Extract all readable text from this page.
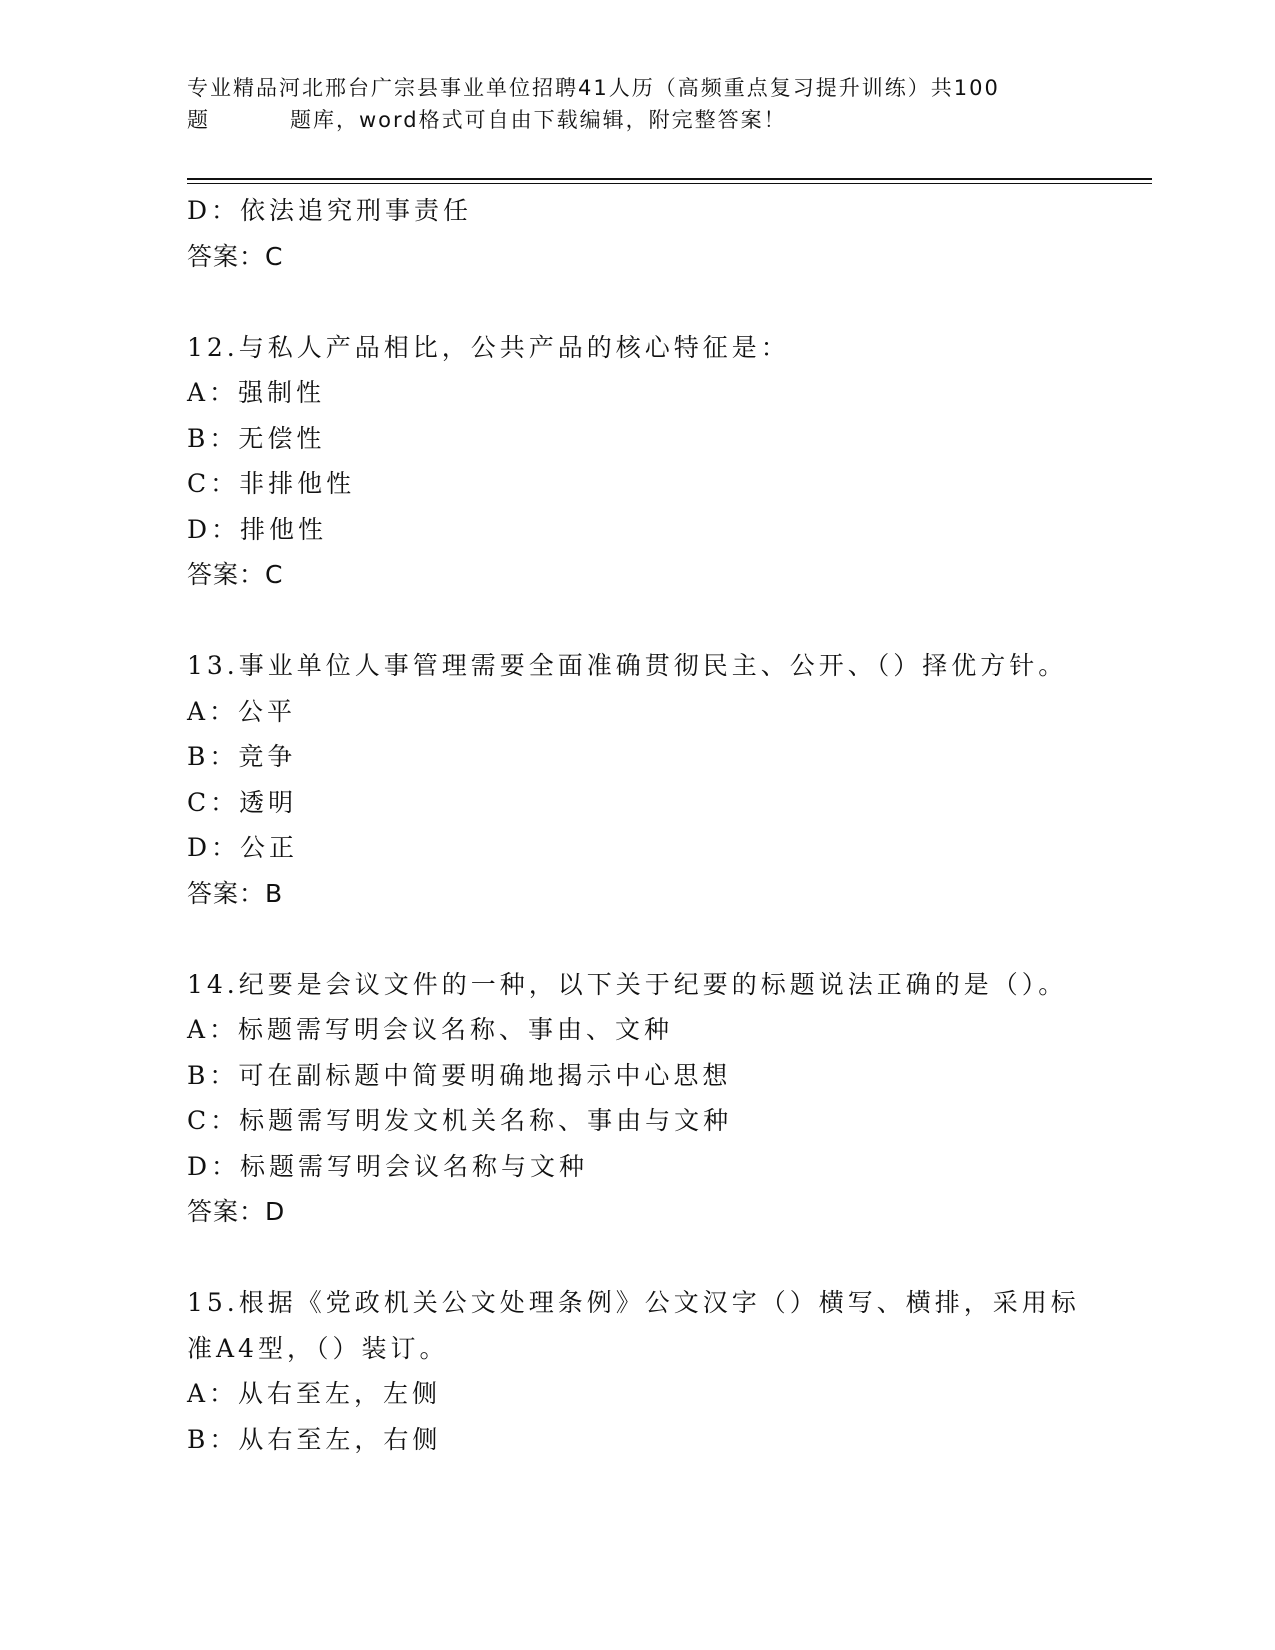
专业精品河北邢台广宗县事业单位招聘41人历（高频重点复习提升训练）共100
题	题库，word格式可自由下载编辑，附完整答案！
D：依法追究刑事责任
答案：C
12.与私人产品相比，公共产品的核心特征是：
A：强制性
B：无偿性
C：非排他性
D：排他性
答案：C
13.事业单位人事管理需要全面准确贯彻民主、公开、（）择优方针。
A：公平
B：竞争
C：透明
D：公正
答案：B
14.纪要是会议文件的一种，以下关于纪要的标题说法正确的是（）。
A：标题需写明会议名称、事由、文种
B：可在副标题中简要明确地揭示中心思想
C：标题需写明发文机关名称、事由与文种
D：标题需写明会议名称与文种
答案：D
15.根据《党政机关公文处理条例》公文汉字（）横写、横排，采用标
准A4型，（）装订。
A：从右至左，左侧
B：从右至左，右侧
